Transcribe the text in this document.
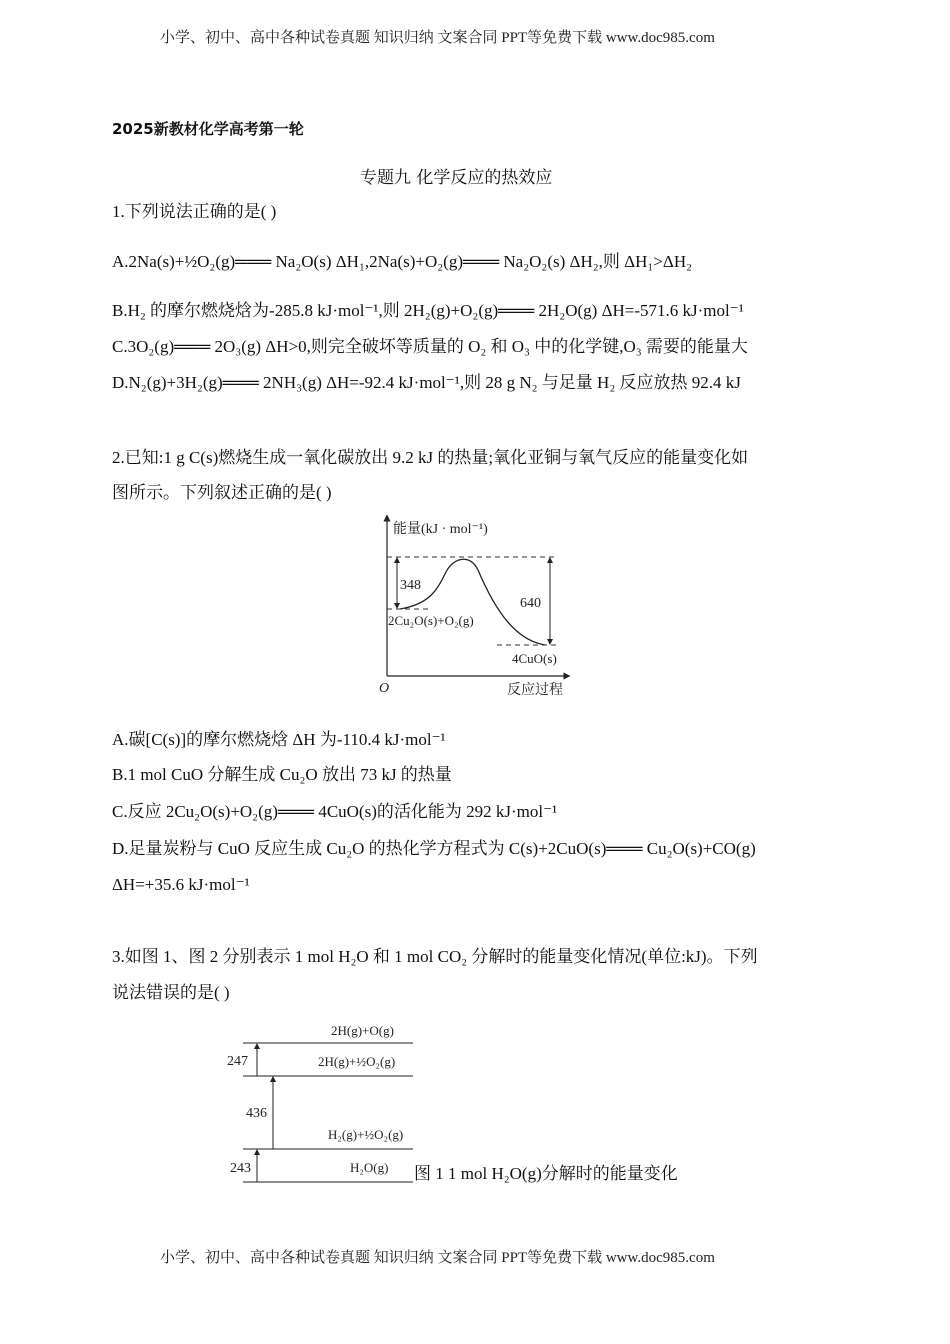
小学、初中、高中各种试卷真题 知识归纳 文案合同 PPT等免费下载 www.doc985.com
2025新教材化学高考第一轮
专题九 化学反应的热效应
1.下列说法正确的是( )
A.2Na(s)+½O₂(g)═══ Na₂O(s) ΔH₁,2Na(s)+O₂(g)═══ Na₂O₂(s) ΔH₂,则 ΔH₁>ΔH₂
B.H₂ 的摩尔燃烧焓为-285.8 kJ·mol⁻¹,则 2H₂(g)+O₂(g)═══ 2H₂O(g) ΔH=-571.6 kJ·mol⁻¹
C.3O₂(g)═══ 2O₃(g) ΔH>0,则完全破坏等质量的 O₂ 和 O₃ 中的化学键,O₃ 需要的能量大
D.N₂(g)+3H₂(g)═══ 2NH₃(g) ΔH=-92.4 kJ·mol⁻¹,则 28 g N₂ 与足量 H₂ 反应放热 92.4 kJ
2.已知:1 g C(s)燃烧生成一氧化碳放出 9.2 kJ 的热量;氧化亚铜与氧气反应的能量变化如
图所示。下列叙述正确的是( )
A.碳[C(s)]的摩尔燃烧焓 ΔH 为-110.4 kJ·mol⁻¹
B.1 mol CuO 分解生成 Cu₂O 放出 73 kJ 的热量
C.反应 2Cu₂O(s)+O₂(g)═══ 4CuO(s)的活化能为 292 kJ·mol⁻¹
D.足量炭粉与 CuO 反应生成 Cu₂O 的热化学方程式为 C(s)+2CuO(s)═══ Cu₂O(s)+CO(g)
ΔH=+35.6 kJ·mol⁻¹
3.如图 1、图 2 分别表示 1 mol H₂O 和 1 mol CO₂ 分解时的能量变化情况(单位:kJ)。下列
说法错误的是( )
图 1 1 mol H₂O(g)分解时的能量变化
能量(kJ · mol⁻¹)
348
640
2Cu₂O(s)+O₂(g)
4CuO(s)
O	反应过程
2H(g)+O(g)
2H(g)+½O₂(g)
H₂(g)+½O₂(g)
H₂O(g)
247
436
243
小学、初中、高中各种试卷真题 知识归纳 文案合同 PPT等免费下载 www.doc985.com
